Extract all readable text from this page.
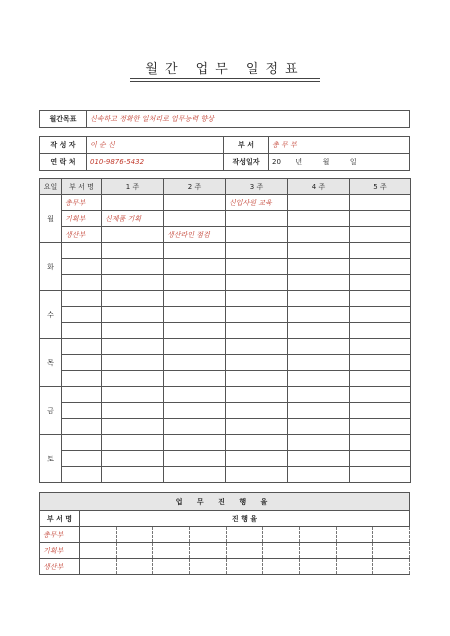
월간 업무 일정표
월간목표	신속하고 정확한 일처리로 업무능력 향상
작 성 자	이 순 신	부 서	총 무 부
연 락 처	010-9876-5432	작성일자	20 년 월 일
요일	부 서 명	1 주	2 주	3 주	4 주	5 주
월	총무부			신입사원 교육		
	기획부	신제품 기획				
	생산부		생산라인 점검			
화						

수						

목						

금						

토						

업 무 진 행 율									
부 서 명	진 행 율								
총무부									
기획부									
생산부									
